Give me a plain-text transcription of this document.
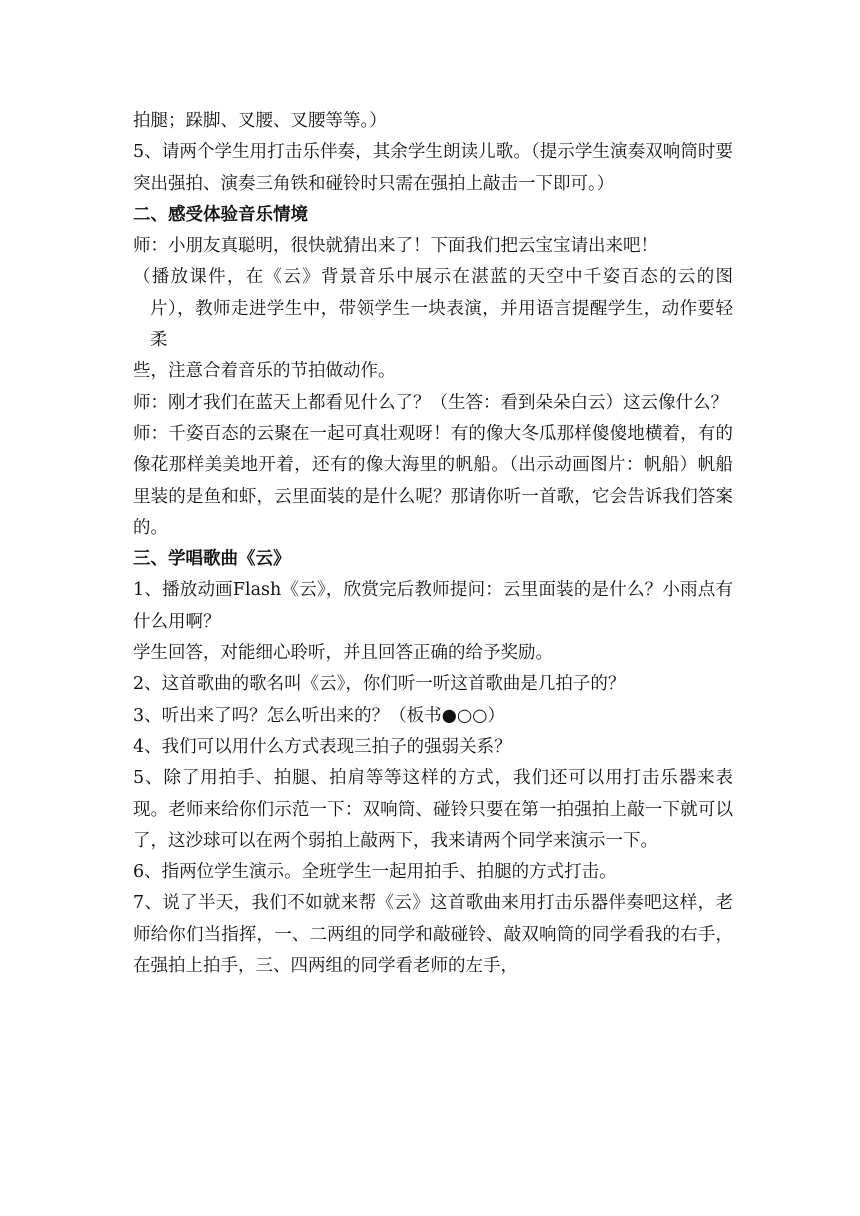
拍腿；跺脚、叉腰、叉腰等等。）

5、请两个学生用打击乐伴奏，其余学生朗读儿歌。（提示学生演奏双响筒时要突出强拍、演奏三角铁和碰铃时只需在强拍上敲击一下即可。）

二、感受体验音乐情境

师：小朋友真聪明，很快就猜出来了！下面我们把云宝宝请出来吧！

（播放课件，在《云》背景音乐中展示在湛蓝的天空中千姿百态的云的图片），教师走进学生中，带领学生一块表演，并用语言提醒学生，动作要轻柔

些，注意合着音乐的节拍做动作。

师：刚才我们在蓝天上都看见什么了？（生答：看到朵朵白云）这云像什么？

师：千姿百态的云聚在一起可真壮观呀！有的像大冬瓜那样傻傻地横着，有的像花那样美美地开着，还有的像大海里的帆船。（出示动画图片：帆船）帆船里装的是鱼和虾，云里面装的是什么呢？那请你听一首歌，它会告诉我们答案的。

三、学唱歌曲《云》

1、播放动画Flash《云》，欣赏完后教师提问：云里面装的是什么？小雨点有什么用啊？

学生回答，对能细心聆听，并且回答正确的给予奖励。

2、这首歌曲的歌名叫《云》，你们听一听这首歌曲是几拍子的？

3、听出来了吗？怎么听出来的？（板书●○○）

4、我们可以用什么方式表现三拍子的强弱关系？

5、除了用拍手、拍腿、拍肩等等这样的方式，我们还可以用打击乐器来表现。老师来给你们示范一下：双响筒、碰铃只要在第一拍强拍上敲一下就可以了，这沙球可以在两个弱拍上敲两下，我来请两个同学来演示一下。

6、指两位学生演示。全班学生一起用拍手、拍腿的方式打击。

7、说了半天，我们不如就来帮《云》这首歌曲来用打击乐器伴奏吧这样，老师给你们当指挥，一、二两组的同学和敲碰铃、敲双响筒的同学看我的右手，在强拍上拍手，三、四两组的同学看老师的左手，
